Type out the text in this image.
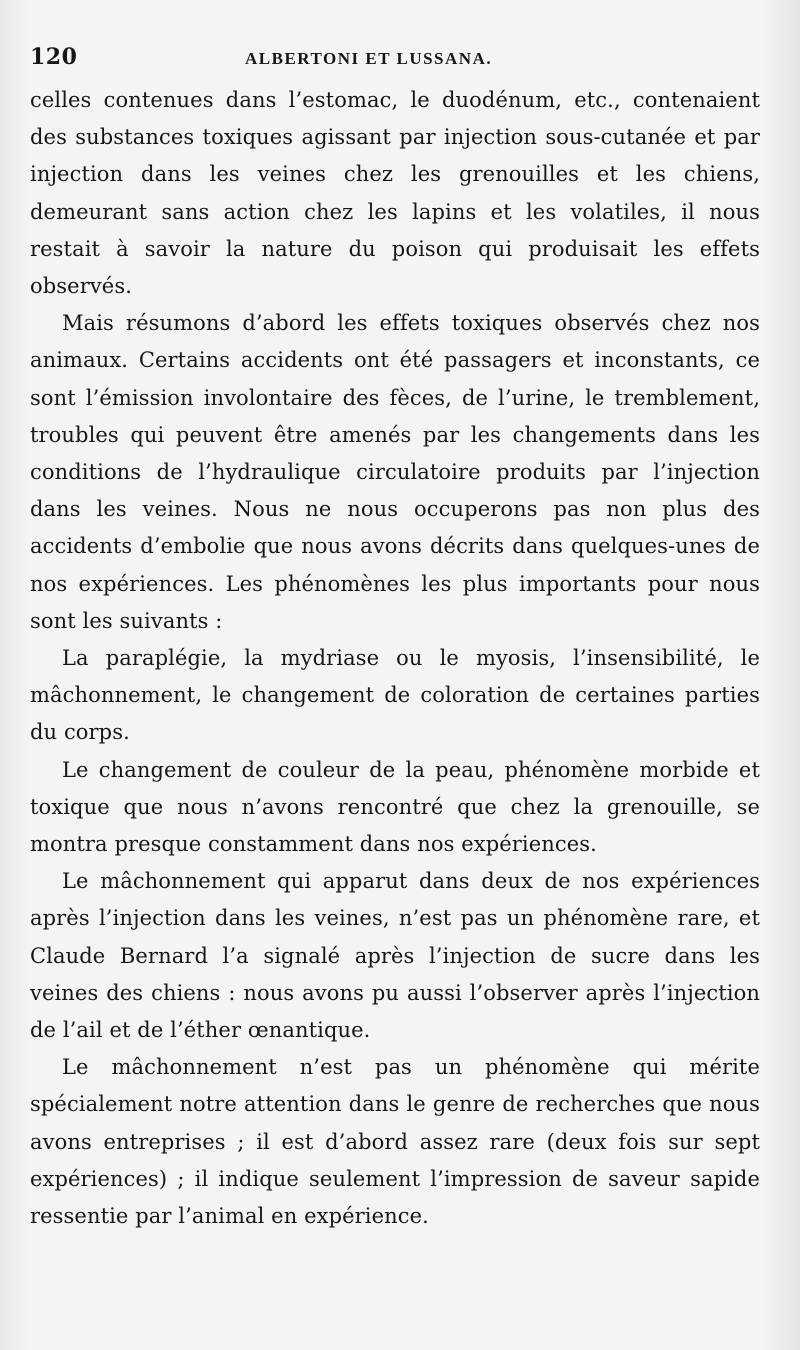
120	ALBERTONI ET LUSSANA.

celles contenues dans l’estomac, le duodénum, etc., contenaient des substances toxiques agissant par injection sous-cutanée et par injection dans les veines chez les grenouilles et les chiens, demeurant sans action chez les lapins et les volatiles, il nous restait à savoir la nature du poison qui produisait les effets observés.

Mais résumons d’abord les effets toxiques observés chez nos animaux. Certains accidents ont été passagers et inconstants, ce sont l’émission involontaire des fèces, de l’urine, le tremblement, troubles qui peuvent être amenés par les changements dans les conditions de l’hydraulique circulatoire produits par l’injection dans les veines. Nous ne nous occuperons pas non plus des accidents d’embolie que nous avons décrits dans quelques-unes de nos expériences. Les phénomènes les plus importants pour nous sont les suivants :

La paraplégie, la mydriase ou le myosis, l’insensibilité, le mâchonnement, le changement de coloration de certaines parties du corps.

Le changement de couleur de la peau, phénomène morbide et toxique que nous n’avons rencontré que chez la grenouille, se montra presque constamment dans nos expériences.

Le mâchonnement qui apparut dans deux de nos expériences après l’injection dans les veines, n’est pas un phénomène rare, et Claude Bernard l’a signalé après l’injection de sucre dans les veines des chiens : nous avons pu aussi l’observer après l’injection de l’ail et de l’éther œnantique.

Le mâchonnement n’est pas un phénomène qui mérite spécialement notre attention dans le genre de recherches que nous avons entreprises ; il est d’abord assez rare (deux fois sur sept expériences) ; il indique seulement l’impression de saveur sapide ressentie par l’animal en expérience.
